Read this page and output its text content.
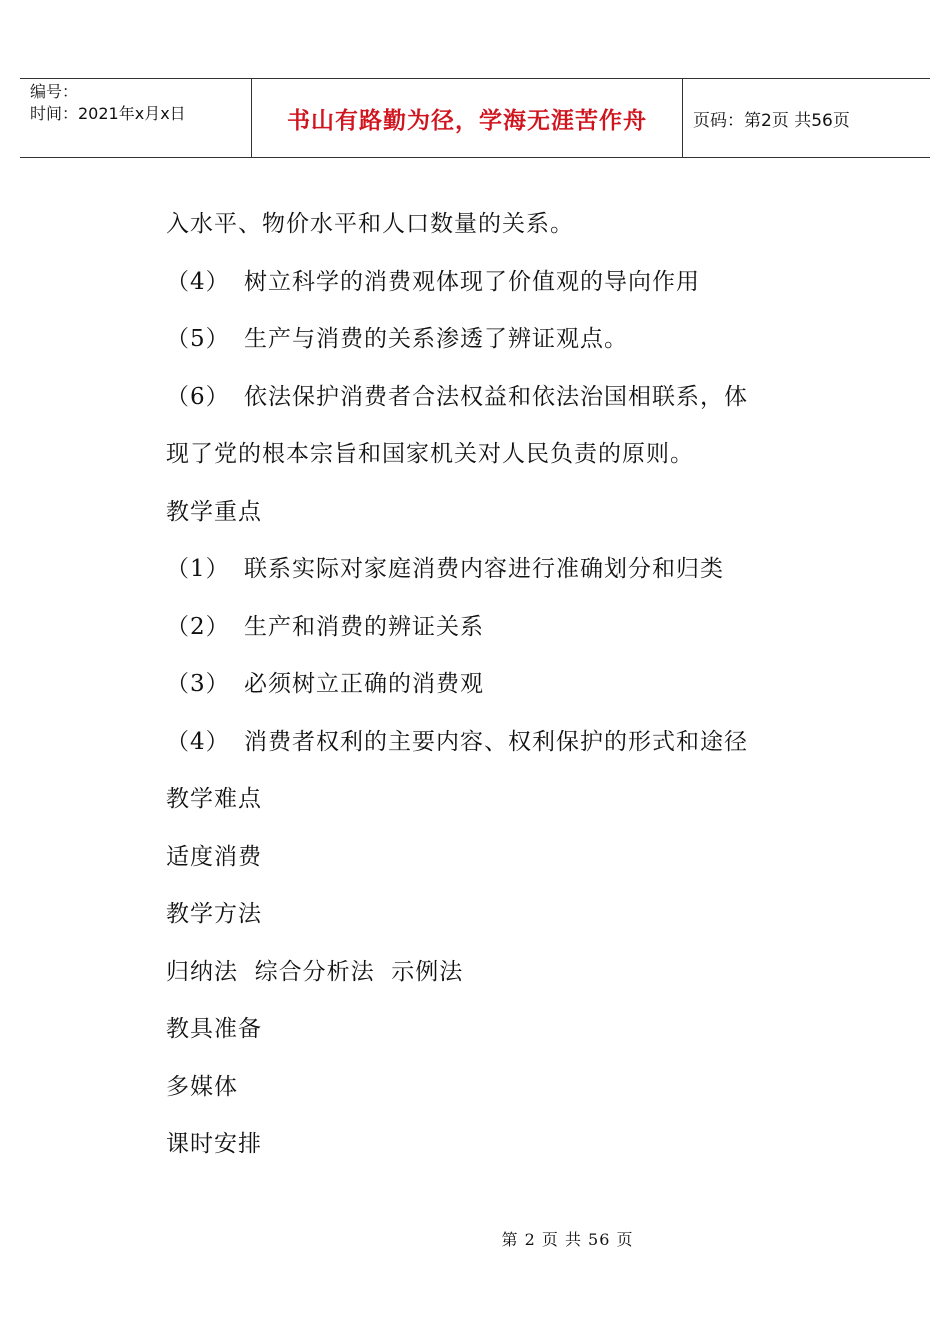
编号：
时间：2021年x月x日	书山有路勤为径，学海无涯苦作舟	页码：第2页 共56页
入水平、物价水平和人口数量的关系。
（4） 树立科学的消费观体现了价值观的导向作用
（5） 生产与消费的关系渗透了辨证观点。
（6） 依法保护消费者合法权益和依法治国相联系，体
现了党的根本宗旨和国家机关对人民负责的原则。
教学重点
（1） 联系实际对家庭消费内容进行准确划分和归类
（2） 生产和消费的辨证关系
（3） 必须树立正确的消费观
（4） 消费者权利的主要内容、权利保护的形式和途径
教学难点
适度消费
教学方法
归纳法  综合分析法  示例法
教具准备
多媒体
课时安排
第 2 页 共 56 页
